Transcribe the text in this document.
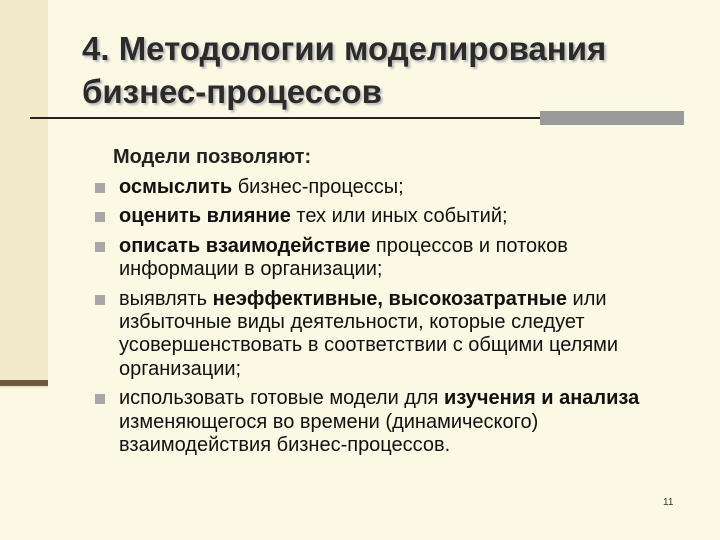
4. Методологии моделирования
бизнес-процессов
Модели позволяют:
осмыслить бизнес-процессы;
оценить влияние тех или иных событий;
описать взаимодействие процессов и потоков информации в организации;
выявлять неэффективные, высокозатратные или избыточные виды деятельности, которые следует усовершенствовать в соответствии с общими целями организации;
использовать готовые модели для изучения и анализа изменяющегося во времени (динамического) взаимодействия бизнес-процессов.
11
